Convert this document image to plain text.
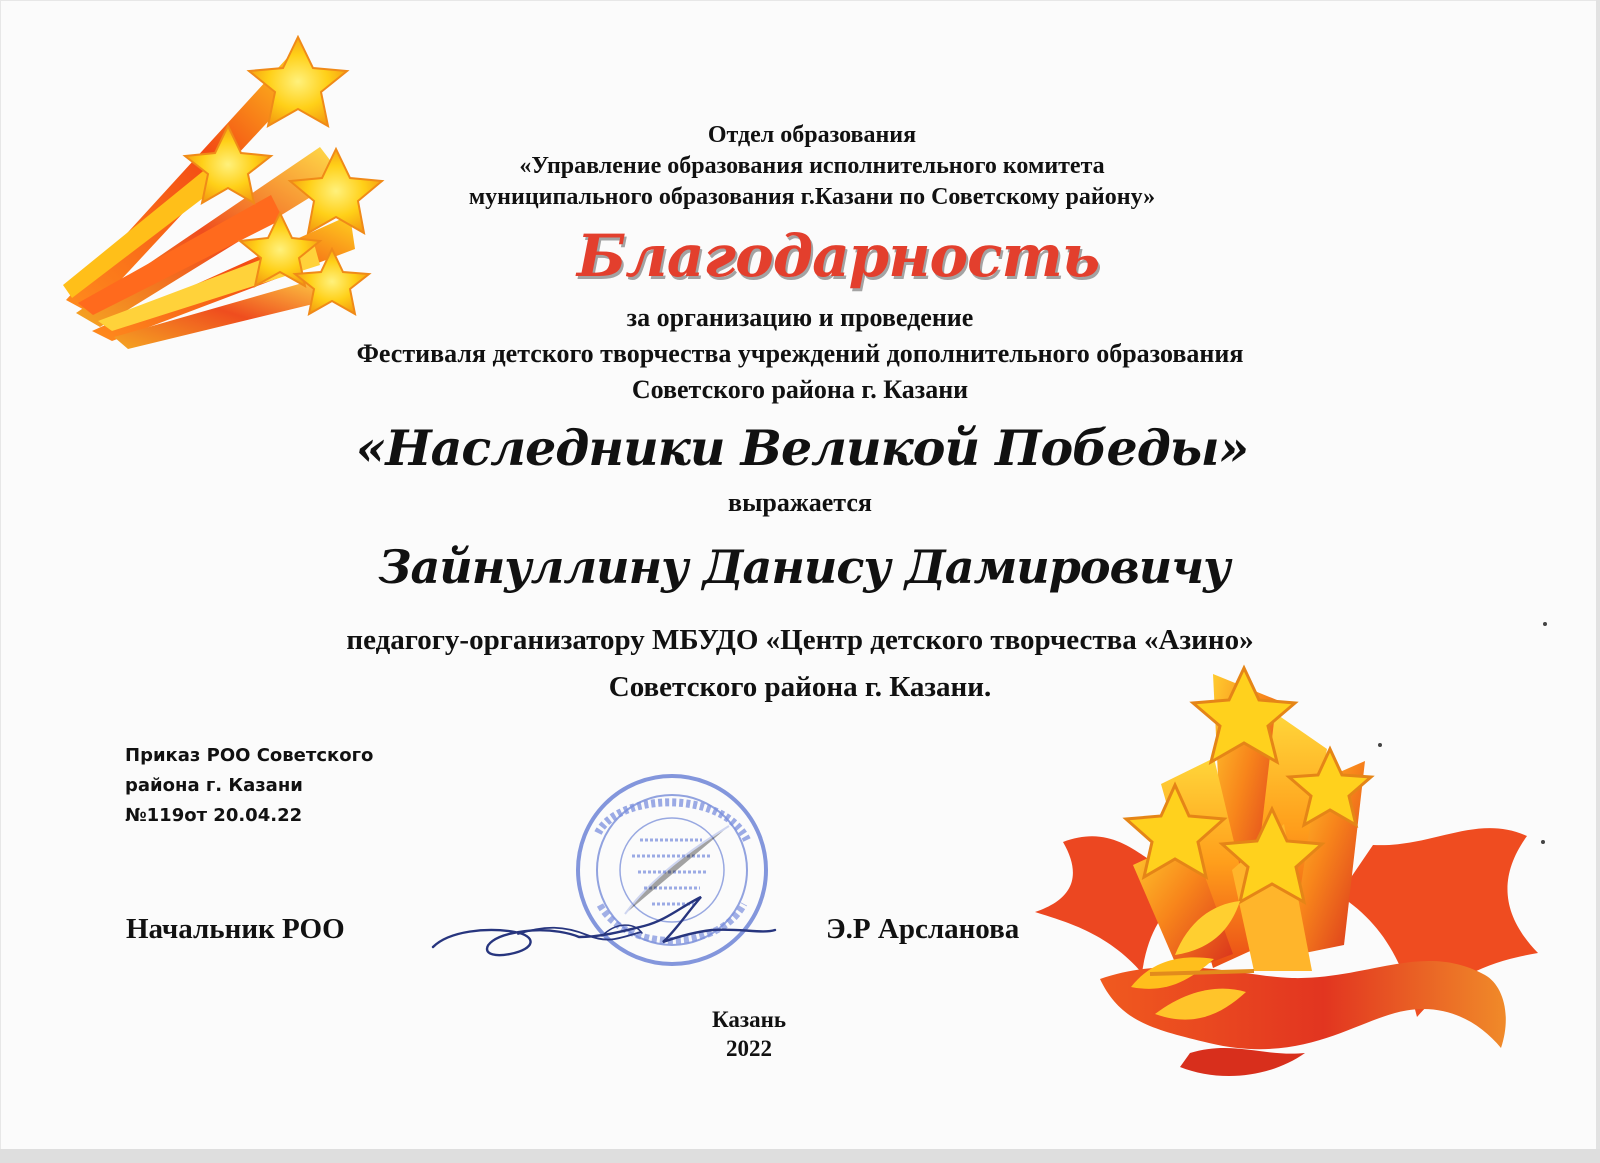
Отдел образования
«Управление образования исполнительного комитета
муниципального образования г.Казани по Советскому району»
Благодарность
за организацию и проведение
Фестиваля детского творчества учреждений дополнительного образования
Советского района г. Казани
«Наследники Великой Победы»
выражается
Зайнуллину Данису Дамировичу
педагогу-организатору МБУДО «Центр детского творчества «Азино»
Советского района г. Казани.
Приказ РОО Советского
района г. Казани
№119от 20.04.22
Начальник РОО	Э.Р Арсланова
Казань
2022
